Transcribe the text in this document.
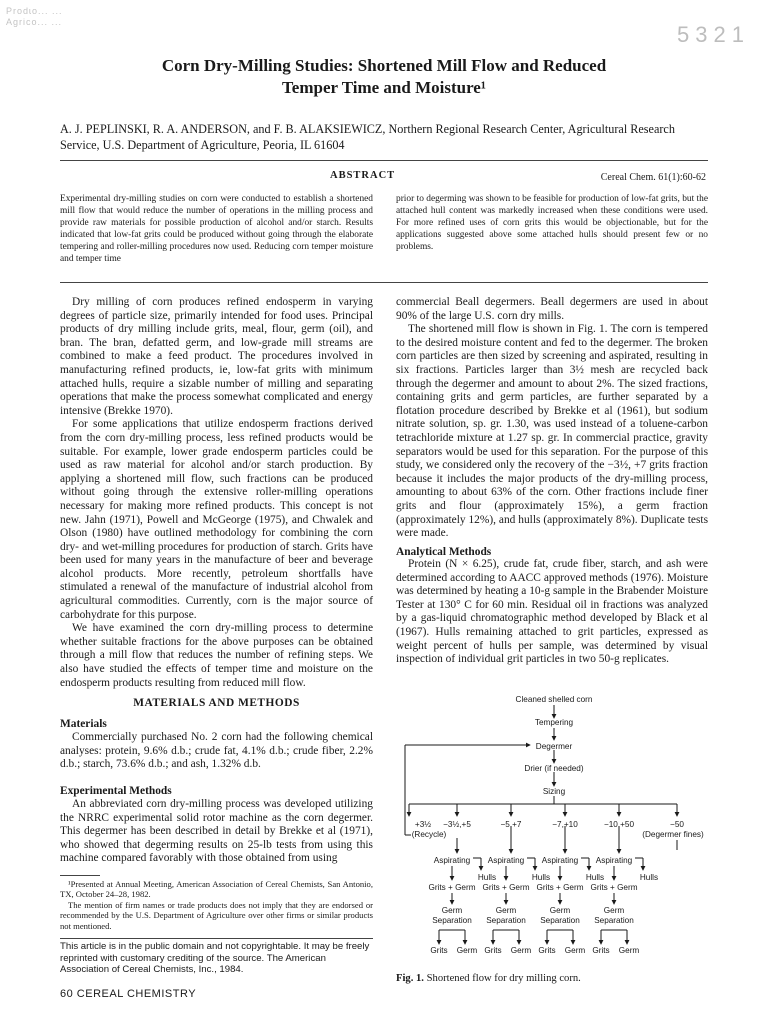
Prodɩo... ...
Agrico... ...	5321
Corn Dry-Milling Studies: Shortened Mill Flow and Reduced
Temper Time and Moisture¹
A. J. PEPLINSKI, R. A. ANDERSON, and F. B. ALAKSIEWICZ, Northern Regional Research Center, Agricultural Research Service, U.S. Department of Agriculture, Peoria, IL 61604
ABSTRACT	Cereal Chem. 61(1):60-62
Experimental dry-milling studies on corn were conducted to establish a shortened mill flow that would reduce the number of operations in the milling process and provide raw materials for possible production of alcohol and/or starch. Results indicated that low-fat grits could be produced without going through the elaborate tempering and roller-milling procedures now used. Reducing corn temper moisture and temper time
prior to degerming was shown to be feasible for production of low-fat grits, but the attached hull content was markedly increased when these conditions were used. For more refined uses of corn grits this would be objectionable, but for the applications suggested above some attached hulls should present few or no problems.

Dry milling of corn produces refined endosperm in varying degrees of particle size, primarily intended for food uses. Principal products of dry milling include grits, meal, flour, germ (oil), and bran. The bran, defatted germ, and low-grade mill streams are combined to make a feed product. The procedures involved in manufacturing refined products, ie, low-fat grits with minimum attached hulls, require a sizable number of milling and separating operations that make the process somewhat complicated and energy intensive (Brekke 1970).

For some applications that utilize endosperm fractions derived from the corn dry-milling process, less refined products would be suitable. For example, lower grade endosperm particles could be used as raw material for alcohol and/or starch production. By applying a shortened mill flow, such fractions can be produced without going through the extensive roller-milling operations necessary for making more refined products. This concept is not new. Jahn (1971), Powell and McGeorge (1975), and Chwalek and Olson (1980) have outlined methodology for combining the corn dry- and wet-milling procedures for production of starch. Grits have been used for many years in the manufacture of beer and beverage alcohol products. More recently, petroleum shortfalls have stimulated a renewal of the manufacture of industrial alcohol from agricultural commodities. Currently, corn is the major source of carbohydrate for this purpose.

We have examined the corn dry-milling process to determine whether suitable fractions for the above purposes can be obtained through a mill flow that reduces the number of refining steps. We also have studied the effects of temper time and moisture on the endosperm products resulting from reduced mill flow.

MATERIALS AND METHODS
Materials

Commercially purchased No. 2 corn had the following chemical analyses: protein, 9.6% d.b.; crude fat, 4.1% d.b.; crude fiber, 2.2% d.b.; starch, 73.6% d.b.; and ash, 1.32% d.b.

Experimental Methods

An abbreviated corn dry-milling process was developed utilizing the NRRC experimental solid rotor machine as the corn degermer. This degermer has been described in detail by Brekke et al (1971), who showed that degerming results on 25-lb tests from using this machine compared favorably with those obtained from using

¹Presented at Annual Meeting, American Association of Cereal Chemists, San Antonio, TX, October 24–28, 1982.

The mention of firm names or trade products does not imply that they are endorsed or recommended by the U.S. Department of Agriculture over other firms or similar products not mentioned.

This article is in the public domain and not copyrightable. It may be freely reprinted with customary crediting of the source. The American Association of Cereal Chemists, Inc., 1984.
60 CEREAL CHEMISTRY

commercial Beall degermers. Beall degermers are used in about 90% of the large U.S. corn dry mills.

The shortened mill flow is shown in Fig. 1. The corn is tempered to the desired moisture content and fed to the degermer. The broken corn particles are then sized by screening and aspirated, resulting in six fractions. Particles larger than 3½ mesh are recycled back through the degermer and amount to about 2%. The sized fractions, containing grits and germ particles, are further separated by a flotation procedure described by Brekke et al (1961), but sodium nitrate solution, sp. gr. 1.30, was used instead of a toluene-carbon tetrachloride mixture at 1.27 sp. gr. In commercial practice, gravity separators would be used for this separation. For the purpose of this study, we considered only the recovery of the −3½, +7 grits fraction because it includes the major products of the dry-milling process, amounting to about 63% of the corn. Other fractions include finer grits and flour (approximately 15%), a germ fraction (approximately 12%), and hulls (approximately 8%). Duplicate tests were made.

Analytical Methods

Protein (N × 6.25), crude fat, crude fiber, starch, and ash were determined according to AACC approved methods (1976). Moisture was determined by heating a 10-g sample in the Brabender Moisture Tester at 130° C for 60 min. Residual oil in fractions was analyzed by a gas-liquid chromatographic method developed by Black et al (1967). Hulls remaining attached to grit particles, expressed as weight percent of hulls per sample, was determined by visual inspection of individual grit particles in two 50-g replicates.

Cleaned shelled corn
Tempering
Degermer
Drier (if needed)
Sizing
+3½
(Recycle)
−3½,+5	−5,+7	−7,+10	−10,+50	−50
(Degermer fines)
Aspirating
Hulls
Grits + Germ
Germ
Separation
Grits Germ
Aspirating
Hulls
Grits + Germ
Germ
Separation
Grits Germ
Aspirating
Hulls
Grits + Germ
Germ
Separation
Grits Germ
Aspirating
Hulls
Grits + Germ
Germ
Separation
Grits Germ
Fig. 1. Shortened flow for dry milling corn.
